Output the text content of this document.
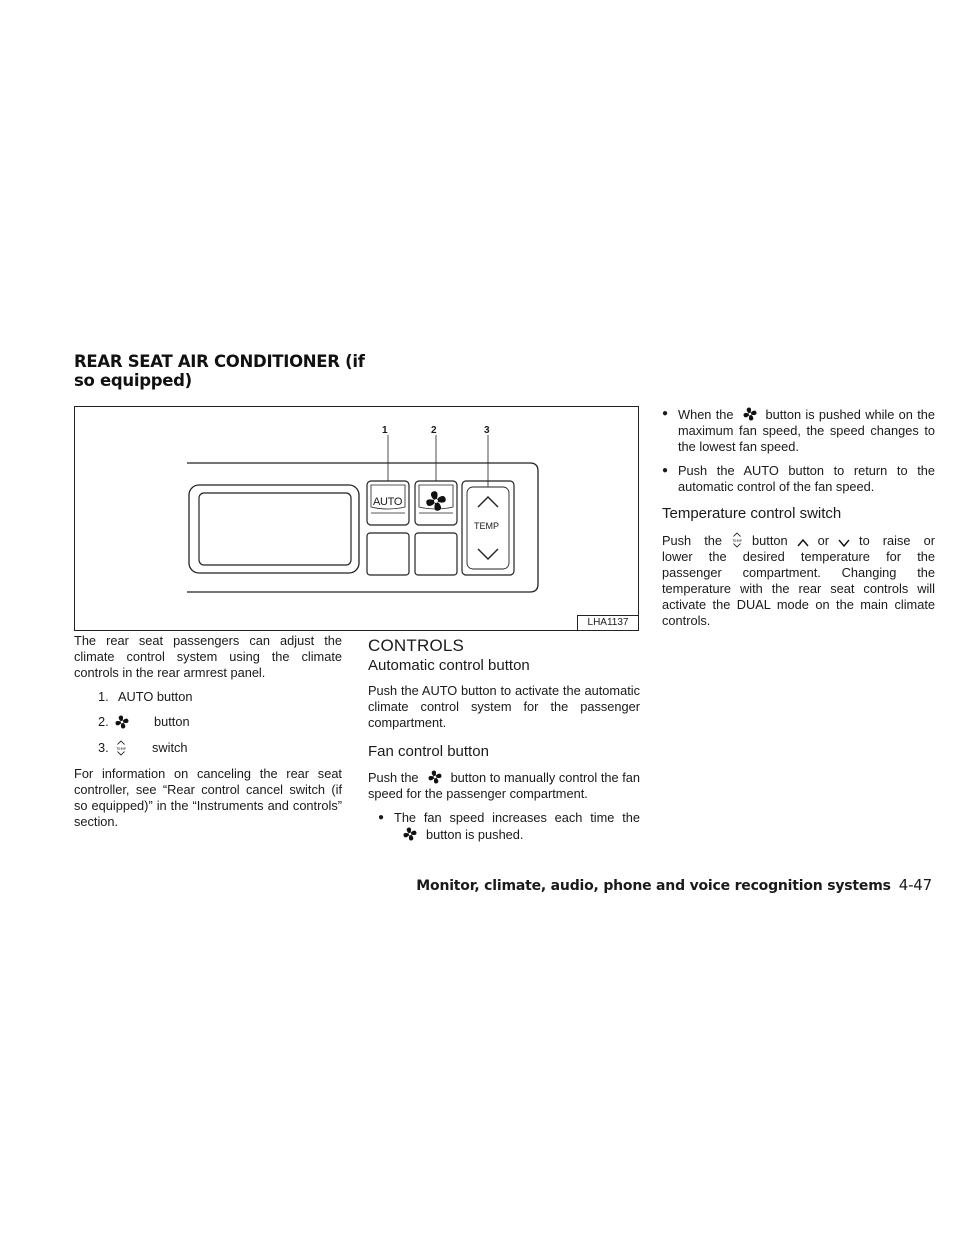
REAR SEAT AIR CONDITIONER (if so equipped)
1	2	3
AUTO
TEMP
LHA1137

The rear seat passengers can adjust the climate control system using the climate controls in the rear armrest panel.

1. AUTO button
2.	button
3.	switch

For information on canceling the rear seat controller, see “Rear control cancel switch (if so equipped)” in the “Instruments and controls” section.

CONTROLS
Automatic control button

Push the AUTO button to activate the automatic climate control system for the passenger compartment.

Fan control button

Push the	button to manually control the fan speed for the passenger compartment.

● The fan speed increases each time thebutton is pushed.
● When the	button is pushed while on the maximum fan speed, the speed changes to the lowest fan speed.
● Push the AUTO button to return to the automatic control of the fan speed.
Temperature control switch

Push the button or to raise or lower the desired temperature for the passenger compartment. Changing the temperature with the rear seat controls will activate the DUAL mode on the main climate controls.

Monitor, climate, audio, phone and voice recognition systems 4-47
